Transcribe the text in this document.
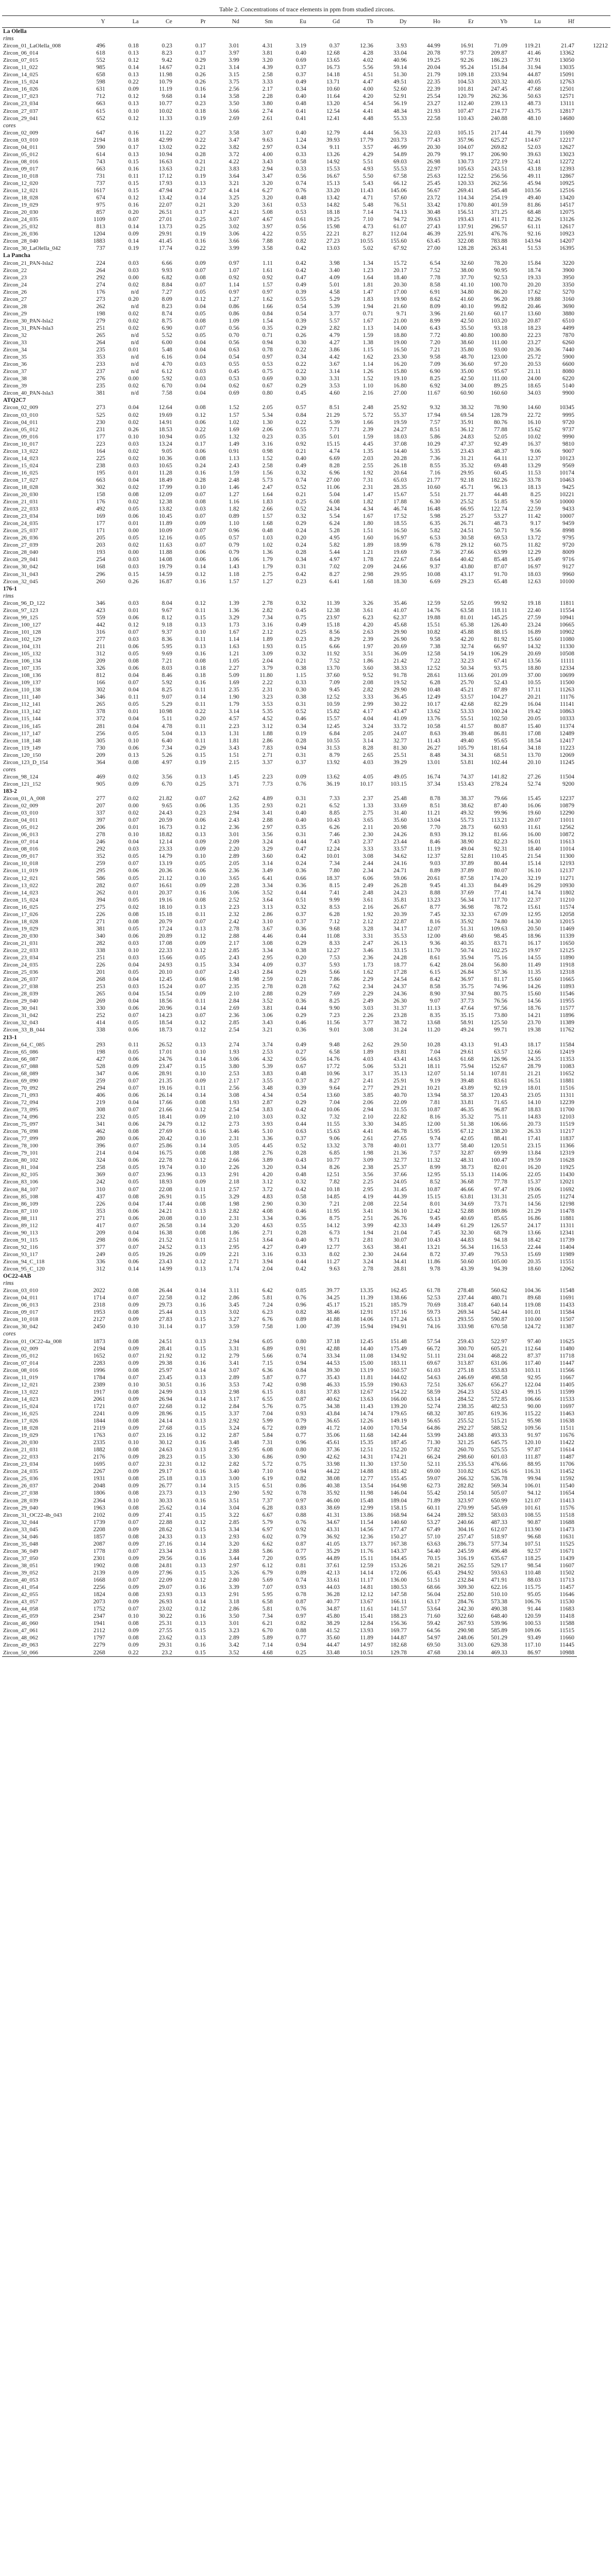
Table 2. Concentrations of trace elements in ppm from studied zircons.
	Y	La	Ce	Pr	Nd	Sm	Eu	Gd	Tb	Dy	Ho	Er	Yb	Lu	Hf	
La Olella																
rims																
Zircon_01_LaOlella_008	496	0.18	0.23	0.17	3.01	4.31	3.19	0.37	12.36	3.93	44.99	16.91	71.09	119.21	21.47	12212
Zircon_06_014	618	0.13	8.23	0.17	3.97	3.81	0.40	12.68	4.28	33.04	20.78	97.73	209.87	41.46	13362	
Zircon_07_015	552	0.12	9.42	0.29	3.99	3.20	0.69	13.65	4.02	40.96	19.25	92.26	186.23	37.91	13050	
Zircon_11_022	985	0.14	14.67	0.21	3.14	4.39	0.37	16.73	5.56	59.14	20.04	95.24	151.84	31.94	13035	
Zircon_14_025	658	0.13	11.98	0.26	3.15	2.58	0.37	14.18	4.51	51.30	21.79	109.18	233.94	44.87	15091	
Zircon_15_024	598	0.22	10.79	0.26	3.75	3.33	0.49	13.71	4.47	49.51	22.35	104.53	203.32	40.05	12763	
Zircon_16_026	631	0.09	11.19	0.16	2.56	2.17	0.34	10.60	4.00	52.60	22.39	101.81	247.45	47.68	12501	
Zircon_17_023	712	0.12	9.68	0.14	3.58	2.28	0.40	11.64	4.20	52.91	25.54	120.79	262.36	50.63	12571	
Zircon_23_034	663	0.13	10.77	0.23	3.50	3.80	0.48	13.20	4.54	56.19	23.27	112.40	239.13	48.73	13111	
Zircon_27_037	615	0.10	10.02	0.18	3.66	2.74	0.41	12.54	4.41	48.34	21.93	107.47	214.77	43.75	12817	
Zircon_29_041	652	0.12	11.33	0.19	2.69	2.61	0.41	12.41	4.48	55.33	22.58	110.43	240.88	48.10	14680	
cores																
Zircon_02_009	647	0.16	11.22	0.27	3.58	3.07	0.40	12.79	4.44	56.33	22.03	105.15	217.44	41.79	11690	
Zircon_03_010	2194	0.18	42.99	0.22	3.47	9.63	1.24	39.93	17.79	203.73	77.43	357.96	625.27	114.67	12217	
Zircon_04_011	590	0.17	13.02	0.22	3.82	2.97	0.34	9.11	3.57	46.99	20.30	104.07	269.82	52.03	12627	
Zircon_05_012	614	0.13	10.94	0.28	3.72	4.00	0.33	13.26	4.29	54.89	20.79	99.17	206.90	39.63	13023	
Zircon_08_016	743	0.15	16.63	0.21	4.22	3.43	0.58	14.92	5.51	69.03	26.98	130.73	272.19	52.41	12272	
Zircon_09_017	663	0.16	13.63	0.21	3.83	2.94	0.33	15.53	4.93	55.53	22.97	105.63	243.51	43.18	12393	
Zircon_10_018	731	0.11	17.12	0.19	3.64	3.47	0.56	16.67	5.50	67.58	25.63	122.52	256.56	49.11	12867	
Zircon_12_020	737	0.15	17.93	0.13	3.21	3.20	0.74	15.13	5.43	66.12	25.45	120.33	262.56	45.94	10925	
Zircon_12_021	1617	0.15	47.94	0.27	4.14	6.27	0.76	33.20	11.43	145.06	56.67	269.41	545.48	103.56	12516	
Zircon_18_028	674	0.12	13.42	0.14	3.25	3.20	0.48	13.42	4.71	57.60	23.72	114.34	254.19	49.40	13420	
Zircon_19_029	975	0.16	22.07	0.21	3.20	3.61	0.53	14.82	5.48	76.51	33.42	170.80	401.59	81.86	14517	
Zircon_20_030	857	0.20	26.51	0.17	4.21	5.08	0.53	18.18	7.14	74.13	30.48	156.51	371.25	68.48	12075	
Zircon_24_035	1109	0.07	27.01	0.25	3.07	4.67	0.61	19.25	7.10	94.72	39.63	193.43	411.71	82.26	13126	
Zircon_25_032	813	0.14	13.73	0.25	3.02	3.97	0.56	15.98	4.73	61.07	27.43	137.91	296.57	61.11	12617	
Zircon_26_036	1204	0.09	29.91	0.19	3.06	4.22	0.55	22.21	8.27	112.04	46.39	225.91	476.76	92.16	10923	
Zircon_28_040	1883	0.14	41.45	0.16	3.66	7.88	0.82	27.23	10.55	155.60	63.45	322.08	783.88	143.94	14207	
Zircon_30_LaOlella_042	737	0.19	17.74	0.22	3.99	3.58	0.42	13.03	5.02	67.92	27.00	128.28	263.41	51.53	16395	
La Pancha																
Zircon_21_PAN-Isla2	224	0.03	6.66	0.09	0.97	1.11	0.42	3.98	1.34	15.72	6.54	32.60	78.20	15.84	3220	
Zircon_22	264	0.03	9.93	0.07	1.07	1.61	0.42	3.40	1.23	20.17	7.52	38.00	90.95	18.74	3900	
Zircon_23	292	0.00	6.82	0.08	0.92	0.92	0.47	4.09	1.64	18.40	7.78	37.70	92.53	19.33	3950	
Zircon_24	274	0.02	8.84	0.07	1.14	1.57	0.49	5.01	1.81	20.30	8.58	41.10	100.70	20.20	3350	
Zircon_26	176	n/d	7.27	0.05	0.97	0.97	0.39	4.58	1.47	17.00	6.91	34.80	86.20	17.62	5270	
Zircon_27	273	0.20	8.09	0.12	1.27	1.62	0.55	5.29	1.83	19.90	8.62	41.60	96.20	19.88	3160	
Zircon_28	262	n/d	8.23	0.04	0.86	1.66	0.54	5.39	1.94	21.60	8.09	40.10	99.82	20.46	3690	
Zircon_29	198	0.02	8.74	0.05	0.86	0.84	0.54	3.77	0.71	9.71	3.96	21.60	60.17	13.60	3880	
Zircon_30_PAN-Isla2	279	0.02	8.75	0.08	1.09	1.54	0.39	5.57	1.67	21.00	8.99	42.50	103.20	20.87	6510	
Zircon_31_PAN-Isla3	251	0.02	6.90	0.07	0.56	0.35	0.29	2.82	1.13	14.00	6.43	35.50	93.18	18.23	4499	
Zircon_32	265	n/d	5.52	0.05	0.70	0.71	0.26	4.79	1.59	18.80	7.72	40.80	100.80	22.23	7870	
Zircon_33	264	n/d	6.00	0.04	0.56	0.94	0.30	4.27	1.38	19.00	7.20	38.60	111.00	23.27	6260	
Zircon_34	235	0.01	5.48	0.04	0.63	0.78	0.22	3.86	1.15	16.50	7.21	35.80	93.00	20.36	7440	
Zircon_35	353	n/d	6.16	0.04	0.54	0.97	0.34	4.42	1.62	23.30	9.58	48.70	123.00	25.72	5900	
Zircon_36	233	n/d	4.70	0.03	0.55	0.53	0.22	3.67	1.14	16.20	7.09	36.60	97.20	20.53	6600	
Zircon_37	237	n/d	6.12	0.03	0.45	0.75	0.22	3.14	1.26	15.80	6.90	35.00	95.67	21.11	8080	
Zircon_38	276	0.00	5.92	0.03	0.53	0.69	0.30	3.31	1.52	19.10	8.25	42.50	111.00	24.00	6220	
Zircon_39	235	0.02	6.70	0.04	0.62	0.67	0.29	3.53	1.10	16.80	6.92	34.00	89.25	18.65	5140	
Zircon_40_PAN-Isla3	381	n/d	7.58	0.04	0.69	0.80	0.45	4.60	2.16	27.00	11.67	60.90	160.60	34.03	9900	
ATQ2C7																
Zircon_02_009	273	0.04	12.64	0.08	1.52	2.05	0.57	8.51	2.48	25.92	9.32	38.32	78.90	14.60	10345	
Zircon_03_010	525	0.02	19.69	0.12	1.57	5.34	0.84	21.29	5.72	55.37	17.94	69.54	128.79	22.72	9995	
Zircon_04_011	230	0.02	14.91	0.06	1.02	1.30	0.22	5.39	1.66	19.59	7.57	35.91	80.76	16.10	9720	
Zircon_05_012	231	0.26	18.53	0.22	1.69	2.06	0.55	7.71	2.39	24.27	8.51	36.12	77.88	15.62	9737	
Zircon_09_016	177	0.10	10.94	0.05	1.32	0.23	0.35	5.01	1.59	18.03	5.86	24.83	52.05	10.02	9990	
Zircon_10_017	223	0.03	13.24	0.17	1.49	3.16	0.92	15.15	4.45	37.08	10.29	47.37	92.49	16.37	9810	
Zircon_13_022	164	0.02	9.05	0.06	0.91	0.98	0.21	4.74	1.35	14.40	5.35	23.43	48.37	9.06	9007	
Zircon_14_023	225	0.02	10.36	0.08	1.13	1.52	0.40	6.69	2.03	20.28	7.36	31.21	64.11	12.37	10123	
Zircon_15_024	238	0.03	10.65	0.24	2.43	2.58	0.49	8.28	2.55	26.18	8.55	35.32	69.48	13.29	9569	
Zircon_16_025	195	0.01	11.28	0.16	1.59	1.56	0.32	6.96	1.92	20.64	7.16	29.95	60.45	11.53	10174	
Zircon_17_027	663	0.04	18.49	0.28	2.48	5.73	0.74	27.00	7.31	65.03	21.77	92.18	182.26	33.78	10463	
Zircon_18_028	302	0.02	17.99	0.10	1.46	2.47	0.52	11.06	2.31	28.35	10.60	45.71	96.13	18.13	9425	
Zircon_20_030	158	0.08	12.09	0.07	1.27	1.64	0.21	5.04	1.47	15.67	5.51	21.77	44.48	8.25	10221	
Zircon_21_031	176	0.02	12.38	0.08	1.16	1.83	0.25	6.08	1.82	17.88	6.30	25.52	51.85	9.50	10000	
Zircon_22_033	492	0.05	13.82	0.03	1.82	2.66	0.52	24.34	4.34	46.74	16.48	66.95	122.74	22.59	9433	
Zircon_23_034	169	0.06	10.45	0.07	0.89	1.57	0.32	5.54	1.67	17.52	5.98	25.27	53.27	11.42	10007	
Zircon_24_035	177	0.01	11.89	0.09	1.10	1.68	0.29	6.24	1.80	18.55	6.35	26.71	48.73	9.17	9459	
Zircon_25_037	171	0.00	10.09	0.07	0.96	0.48	0.24	5.28	1.51	16.50	5.82	24.51	50.71	9.56	8998	
Zircon_26_036	205	0.05	12.16	0.05	0.57	1.03	0.20	4.95	1.60	16.97	6.53	30.58	69.53	13.72	9795	
Zircon_27_039	203	0.02	11.63	0.07	0.79	1.02	0.24	5.82	1.89	18.99	6.78	29.12	60.75	11.82	9720	
Zircon_28_040	193	0.00	11.88	0.06	0.79	1.36	0.28	5.44	1.21	19.69	7.36	27.66	63.99	12.29	8009	
Zircon_29_041	254	0.03	14.08	0.06	1.06	1.79	0.34	4.97	1.78	22.67	8.64	40.42	85.48	15.49	9716	
Zircon_30_042	168	0.03	19.79	0.14	1.43	1.79	0.31	7.02	2.09	24.66	9.37	43.80	87.07	16.97	9127	
Zircon_31_043	296	0.15	14.59	0.12	1.18	2.75	0.42	8.27	2.98	29.95	10.08	43.17	91.70	18.03	9960	
Zircon_32_045	260	0.26	16.87	0.16	1.57	1.27	0.23	6.41	1.68	18.30	6.69	29.23	65.48	12.63	10100	
176-1																
rims																
Zircon_96_D_122	346	0.03	8.04	0.12	1.39	2.78	0.32	11.39	3.26	35.46	12.59	52.05	99.92	19.18	11811	
Zircon_97_123	423	0.01	9.67	0.11	1.36	2.82	0.45	12.38	3.61	41.07	14.76	63.58	118.11	22.40	11554	
Zircon_99_125	559	0.06	8.12	0.15	3.29	7.34	0.75	23.97	6.23	62.37	19.88	81.01	145.25	27.59	10941	
Zircon_100_127	442	0.12	9.18	0.13	1.73	3.16	0.49	15.18	4.20	45.68	15.51	65.38	126.40	23.24	10665	
Zircon_101_128	316	0.07	9.37	0.10	1.67	2.12	0.25	8.56	2.63	29.90	10.82	45.88	88.15	16.89	10902	
Zircon_102_129	277	0.03	8.36	0.11	1.14	1.89	0.23	8.29	2.39	26.90	9.58	42.20	81.92	15.60	11080	
Zircon_104_131	211	0.06	5.95	0.13	1.63	1.93	0.15	6.66	1.97	20.69	7.38	32.74	66.97	14.32	11330	
Zircon_105_132	312	0.05	9.69	0.16	1.21	3.09	0.32	11.92	3.51	36.09	12.58	54.19	106.29	20.69	10508	
Zircon_106_134	209	0.08	7.21	0.08	1.05	2.04	0.21	7.52	1.86	21.42	7.22	32.23	67.41	13.56	11111	
Zircon_107_135	326	0.06	8.03	0.18	2.27	3.79	0.38	13.70	3.60	38.33	12.52	50.34	93.75	18.80	12334	
Zircon_108_136	812	0.04	8.46	0.18	5.09	11.80	1.15	37.60	9.52	91.78	28.61	113.66	201.09	37.00	10699	
Zircon_109_137	166	0.07	5.92	0.16	1.69	2.22	0.33	7.09	2.08	19.52	6.28	25.70	52.43	10.55	11500	
Zircon_110_138	302	0.04	8.25	0.11	2.35	2.31	0.30	9.45	2.82	29.90	10.48	45.21	87.89	17.11	11263	
Zircon_111_140	346	0.11	9.07	0.14	1.90	3.23	0.38	12.52	3.33	36.45	12.49	53.57	104.27	20.21	11176	
Zircon_112_141	265	0.05	5.29	0.11	1.79	3.53	0.31	10.59	2.99	30.22	10.17	42.68	82.29	16.04	11141	
Zircon_113_142	378	0.01	10.98	0.22	3.14	5.35	0.52	15.82	4.17	43.47	13.62	53.33	100.24	19.42	10863	
Zircon_115_144	372	0.04	5.11	0.20	4.57	4.52	0.46	15.57	4.04	41.09	13.76	55.51	102.50	20.05	10333	
Zircon_116_145	281	0.04	4.78	0.11	2.23	3.12	0.34	12.45	3.24	33.72	10.58	41.57	80.87	15.40	11374	
Zircon_117_147	256	0.05	5.04	0.13	1.31	1.88	0.19	6.84	2.05	24.07	8.63	39.48	86.81	17.08	12489	
Zircon_118_148	305	0.10	6.40	0.11	1.81	2.86	0.28	10.55	3.14	32.77	11.43	49.40	95.65	18.54	12417	
Zircon_119_149	730	0.06	7.34	0.29	3.43	7.83	0.94	31.53	8.28	81.30	26.27	105.79	181.64	34.18	11223	
Zircon_120_150	209	0.13	5.26	0.15	1.51	2.71	0.31	8.79	2.65	25.51	8.48	34.31	68.51	13.70	12069	
Zircon_123_D_154	364	0.08	4.97	0.19	2.15	3.37	0.37	13.92	4.03	39.29	13.01	53.81	102.44	20.10	11245	
cores																
Zircon_98_124	469	0.02	3.56	0.13	1.45	2.23	0.09	13.62	4.05	49.05	16.74	74.37	141.82	27.26	11504	
Zircon_121_152	905	0.09	6.70	0.25	3.71	7.73	0.76	36.19	10.17	103.15	37.34	153.43	278.24	52.74	9200	
183-2																
Zircon_01_A_008	277	0.02	21.82	0.07	2.62	4.89	0.31	7.33	2.37	25.48	8.78	38.37	79.66	15.45	12237	
Zircon_02_009	207	0.00	9.65	0.06	1.35	2.93	0.21	6.52	1.33	33.69	8.51	38.62	87.40	16.06	10879	
Zircon_03_010	337	0.02	24.43	0.23	2.94	3.41	0.40	8.85	2.75	31.40	11.21	49.32	99.96	19.60	12290	
Zircon_04_011	397	0.07	20.59	0.06	2.43	2.88	0.40	10.43	3.65	35.60	13.04	55.73	113.21	20.07	11011	
Zircon_05_012	206	0.01	16.73	0.12	2.36	2.97	0.35	6.26	2.11	20.98	7.70	28.73	60.93	11.61	12562	
Zircon_06_013	278	0.10	18.82	0.13	3.01	3.56	0.31	7.46	2.30	24.26	8.93	39.12	81.66	16.00	10872	
Zircon_07_014	246	0.04	12.14	0.09	2.09	3.24	0.44	7.43	2.37	23.44	8.46	38.90	82.23	16.01	11613	
Zircon_08_016	292	0.03	23.33	0.09	2.20	3.29	0.47	12.24	3.33	33.57	11.19	49.04	92.31	18.40	11014	
Zircon_09_017	352	0.05	14.79	0.10	2.89	3.60	0.42	10.01	3.08	34.62	12.37	52.81	110.45	21.54	11300	
Zircon_10_018	259	0.07	13.19	0.05	2.05	3.14	0.24	7.34	2.44	24.16	9.03	37.89	80.44	15.14	12193	
Zircon_11_019	295	0.06	20.36	0.06	2.36	3.49	0.36	7.80	2.34	24.71	8.89	37.89	80.07	16.10	12137	
Zircon_12_021	586	0.05	21.12	0.10	3.65	6.41	0.66	18.37	6.06	59.06	20.61	87.58	174.20	32.19	11271	
Zircon_13_022	282	0.07	16.61	0.09	2.28	3.34	0.36	8.15	2.49	26.28	9.45	41.33	84.49	16.29	10930	
Zircon_14_023	262	0.01	20.37	0.16	3.06	3.52	0.44	7.41	2.48	24.23	8.88	37.69	77.41	14.74	11802	
Zircon_15_024	394	0.05	19.16	0.08	2.52	3.64	0.51	9.99	3.61	35.81	13.23	56.34	117.70	22.37	11210	
Zircon_16_025	275	0.02	18.10	0.13	2.23	3.13	0.32	8.53	2.16	26.67	8.77	36.98	78.72	15.61	11574	
Zircon_17_026	226	0.08	15.18	0.11	2.32	2.86	0.37	6.28	1.92	20.39	7.45	32.33	67.09	12.95	12058	
Zircon_18_028	271	0.08	20.79	0.07	2.42	3.10	0.37	7.12	2.12	22.87	8.16	35.92	74.80	14.30	12015	
Zircon_19_029	381	0.05	17.24	0.13	2.78	3.67	0.36	9.68	3.28	34.17	12.07	51.31	109.63	20.50	11469	
Zircon_20_030	340	0.06	20.89	0.12	2.88	4.46	0.44	11.08	3.31	35.53	12.00	49.60	98.45	18.96	11339	
Zircon_21_031	282	0.03	17.08	0.09	2.17	3.08	0.29	8.33	2.47	26.13	9.36	40.35	83.71	16.17	11650	
Zircon_22_033	338	0.10	22.33	0.12	2.85	3.34	0.38	12.27	3.46	33.15	11.70	50.74	102.25	19.97	12125	
Zircon_23_034	251	0.03	15.66	0.05	2.43	2.95	0.20	7.53	2.36	24.28	8.61	35.94	75.16	14.55	11890	
Zircon_24_035	226	0.04	24.93	0.15	3.34	4.09	0.37	5.93	1.73	18.77	6.42	28.04	56.80	11.49	11918	
Zircon_25_036	201	0.05	20.10	0.07	2.43	2.84	0.29	5.66	1.62	17.28	6.15	26.84	57.36	11.35	12318	
Zircon_26_037	268	0.04	12.45	0.06	1.98	2.59	0.21	7.86	2.29	24.54	8.42	36.97	81.17	15.60	11665	
Zircon_27_038	253	0.03	15.24	0.07	2.35	2.78	0.28	7.62	2.34	24.37	8.58	35.75	74.96	14.26	11893	
Zircon_28_039	265	0.04	15.54	0.09	2.10	2.88	0.29	7.69	2.29	24.36	8.90	37.94	80.75	15.60	11546	
Zircon_29_040	269	0.04	18.56	0.11	2.84	3.52	0.36	8.25	2.49	26.30	9.07	37.73	76.56	14.56	11955	
Zircon_30_041	330	0.06	20.96	0.14	2.69	3.81	0.44	9.90	3.03	31.37	11.13	47.64	97.56	18.76	11577	
Zircon_31_042	252	0.07	14.23	0.07	2.36	3.06	0.29	7.23	2.26	23.28	8.35	35.15	73.80	14.21	11896	
Zircon_32_043	414	0.05	18.54	0.12	2.85	3.43	0.46	11.56	3.77	38.72	13.68	58.91	125.50	23.70	11389	
Zircon_33_B_044	338	0.06	18.73	0.12	2.54	3.21	0.36	9.01	3.08	31.24	11.20	49.24	99.71	19.38	11762	
213-1																
Zircon_64_C_085	293	0.11	26.52	0.13	2.74	3.74	0.49	9.48	2.62	29.50	10.28	43.13	91.43	18.17	11584	
Zircon_65_086	198	0.05	17.01	0.10	1.93	2.53	0.27	6.58	1.89	19.81	7.04	29.61	63.57	12.66	12419	
Zircon_66_087	427	0.06	24.76	0.14	3.06	4.32	0.56	14.76	4.03	43.41	14.63	61.68	126.96	24.35	11353	
Zircon_67_088	528	0.09	23.47	0.15	3.80	5.39	0.67	17.72	5.06	53.21	18.11	75.94	152.67	28.79	11083	
Zircon_68_089	347	0.06	28.91	0.10	2.53	3.83	0.48	10.96	3.17	35.13	12.07	51.14	107.81	21.21	11652	
Zircon_69_090	259	0.07	21.35	0.09	2.17	3.55	0.37	8.27	2.41	25.91	9.19	39.48	83.61	16.51	11881	
Zircon_70_092	294	0.07	19.16	0.11	2.56	3.48	0.39	9.64	2.77	29.21	10.21	43.89	92.19	18.01	11516	
Zircon_71_093	406	0.06	26.14	0.14	3.08	4.34	0.54	13.60	3.85	40.70	13.94	58.37	120.43	23.05	11311	
Zircon_72_094	219	0.04	17.66	0.08	1.93	2.87	0.29	7.04	2.06	22.09	7.81	33.81	71.65	14.10	12239	
Zircon_73_095	308	0.07	21.66	0.12	2.54	3.83	0.42	10.06	2.94	31.55	10.87	46.35	96.87	18.83	11700	
Zircon_74_096	232	0.05	18.41	0.09	2.10	3.03	0.32	7.32	2.10	22.82	8.16	35.32	75.11	14.83	12103	
Zircon_75_097	341	0.06	24.79	0.12	2.73	3.93	0.44	11.55	3.30	34.85	12.00	51.38	106.66	20.73	11519	
Zircon_76_098	462	0.08	27.69	0.16	3.46	5.10	0.63	15.63	4.41	46.78	15.95	67.12	138.20	26.33	11217	
Zircon_77_099	280	0.06	20.42	0.10	2.31	3.36	0.37	9.06	2.61	27.65	9.74	42.05	88.41	17.41	11837	
Zircon_78_100	396	0.07	25.86	0.14	3.05	4.45	0.52	13.32	3.78	40.01	13.77	58.40	120.51	23.15	11366	
Zircon_79_101	214	0.04	16.75	0.08	1.88	2.76	0.28	6.85	1.98	21.36	7.57	32.87	69.99	13.84	12319	
Zircon_80_102	324	0.06	22.78	0.12	2.66	3.89	0.43	10.77	3.09	32.77	11.32	48.31	100.47	19.59	11628	
Zircon_81_104	258	0.05	19.74	0.10	2.26	3.20	0.34	8.26	2.38	25.37	8.99	38.73	82.01	16.20	11925	
Zircon_82_105	369	0.07	23.96	0.13	2.91	4.20	0.48	12.51	3.56	37.66	12.95	55.13	114.06	22.05	11430	
Zircon_83_106	242	0.05	18.93	0.09	2.18	3.12	0.32	7.82	2.25	24.05	8.52	36.68	77.78	15.37	12021	
Zircon_84_107	310	0.07	22.08	0.11	2.57	3.72	0.42	10.18	2.95	31.45	10.87	46.66	97.47	19.06	11692	
Zircon_85_108	437	0.08	26.91	0.15	3.29	4.83	0.58	14.85	4.19	44.39	15.15	63.81	131.31	25.05	11274	
Zircon_86_109	226	0.04	17.44	0.08	1.98	2.90	0.30	7.21	2.08	22.54	8.01	34.69	73.71	14.56	12198	
Zircon_87_110	353	0.06	24.21	0.13	2.82	4.08	0.46	11.95	3.41	36.10	12.42	52.88	109.86	21.29	11478	
Zircon_88_111	271	0.06	20.08	0.10	2.31	3.34	0.36	8.75	2.51	26.76	9.45	40.69	85.65	16.86	11881	
Zircon_89_112	417	0.07	26.58	0.14	3.20	4.63	0.55	14.12	3.99	42.33	14.49	61.29	126.57	24.17	11311	
Zircon_90_113	209	0.04	16.38	0.08	1.86	2.71	0.28	6.73	1.94	21.04	7.45	32.30	68.79	13.66	12341	
Zircon_91_115	298	0.06	21.52	0.11	2.51	3.64	0.40	9.71	2.81	30.07	10.43	44.83	94.18	18.42	11739	
Zircon_92_116	377	0.07	24.52	0.13	2.95	4.27	0.49	12.77	3.63	38.41	13.21	56.34	116.53	22.44	11404	
Zircon_93_117	249	0.05	19.26	0.09	2.21	3.16	0.33	8.02	2.30	24.64	8.72	37.49	79.53	15.69	11989	
Zircon_94_C_118	336	0.06	23.43	0.12	2.71	3.94	0.44	11.27	3.24	34.41	11.86	50.60	105.00	20.35	11551	
Zircon_95_C_120	312	0.14	14.99	0.13	1.74	2.04	0.42	9.63	2.78	28.81	9.78	43.39	94.39	18.60	12062	
OC22-4AB																
rims																
Zircon_03_010	2022	0.08	26.44	0.14	3.11	6.42	0.85	39.77	13.35	162.45	61.78	278.48	560.62	104.36	11548	
Zircon_04_011	1714	0.07	22.58	0.12	2.86	5.81	0.76	34.25	11.39	138.66	52.53	237.44	480.71	89.68	11691	
Zircon_06_013	2318	0.09	29.73	0.16	3.45	7.24	0.96	45.17	15.21	185.79	70.69	318.47	640.14	119.08	11433	
Zircon_09_017	1953	0.08	25.44	0.13	3.02	6.23	0.82	38.46	12.91	157.16	59.73	269.34	542.44	101.01	11584	
Zircon_10_018	2127	0.09	27.83	0.15	3.27	6.76	0.89	41.88	14.06	171.24	65.13	293.55	590.87	110.00	11507	
Zircon_30_042	2450	0.10	31.14	0.17	3.59	7.58	1.00	47.39	15.94	194.91	74.16	333.98	670.58	124.72	11387	
cores																
Zircon_01_OC22-4a_008	1873	0.08	24.51	0.13	2.94	6.05	0.80	37.18	12.45	151.48	57.54	259.43	522.97	97.40	11625	
Zircon_02_009	2194	0.09	28.41	0.15	3.31	6.89	0.91	42.88	14.40	175.49	66.72	300.70	605.21	112.64	11480	
Zircon_05_012	1652	0.07	21.92	0.12	2.79	5.66	0.74	33.34	11.08	134.92	51.11	231.04	468.22	87.37	11718	
Zircon_07_014	2283	0.09	29.38	0.16	3.41	7.15	0.94	44.53	15.00	183.11	69.67	313.87	631.06	117.40	11447	
Zircon_08_016	1996	0.08	25.97	0.14	3.07	6.36	0.84	39.30	13.19	160.57	61.03	275.18	553.83	103.11	11566	
Zircon_11_019	1784	0.07	23.45	0.13	2.89	5.87	0.77	35.43	11.81	144.02	54.63	246.69	498.58	92.95	11667	
Zircon_12_021	2389	0.10	30.51	0.16	3.53	7.42	0.98	46.33	15.59	190.63	72.51	326.67	656.27	122.04	11405	
Zircon_13_022	1917	0.08	24.99	0.13	2.98	6.15	0.81	37.83	12.67	154.22	58.59	264.23	532.43	99.15	11599	
Zircon_14_023	2061	0.09	26.94	0.14	3.17	6.55	0.87	40.62	13.63	166.00	63.14	284.52	572.85	106.66	11533	
Zircon_15_024	1721	0.07	22.68	0.12	2.84	5.76	0.75	34.38	11.43	139.20	52.74	238.35	482.53	90.00	11697	
Zircon_16_025	2241	0.09	28.96	0.15	3.37	7.04	0.93	43.84	14.74	179.65	68.32	307.85	619.36	115.22	11463	
Zircon_17_026	1844	0.08	24.14	0.13	2.92	5.99	0.79	36.65	12.26	149.19	56.65	255.52	515.21	95.98	11638	
Zircon_18_028	2119	0.09	27.68	0.15	3.24	6.72	0.89	41.72	14.00	170.54	64.86	292.27	588.52	109.56	11511	
Zircon_19_029	1763	0.07	23.16	0.12	2.87	5.84	0.77	35.06	11.68	142.44	53.99	243.88	493.33	91.97	11676	
Zircon_20_030	2335	0.10	30.12	0.16	3.48	7.31	0.96	45.61	15.35	187.45	71.30	321.25	645.75	120.10	11422	
Zircon_21_031	1882	0.08	24.63	0.13	2.95	6.08	0.80	37.36	12.51	152.20	57.82	260.70	525.55	97.87	11614	
Zircon_22_033	2176	0.09	28.23	0.15	3.30	6.86	0.90	42.62	14.31	174.21	66.24	298.60	601.03	111.87	11487	
Zircon_23_034	1695	0.07	22.31	0.12	2.82	5.72	0.75	33.98	11.30	137.50	52.11	235.53	476.66	88.95	11706	
Zircon_24_035	2267	0.09	29.17	0.16	3.40	7.10	0.94	44.22	14.88	181.42	69.00	310.82	625.16	116.31	11452	
Zircon_25_036	1931	0.08	25.18	0.13	3.00	6.19	0.82	38.08	12.77	155.45	59.07	266.32	536.78	99.94	11592	
Zircon_26_037	2048	0.09	26.77	0.14	3.15	6.51	0.86	40.38	13.54	164.98	62.73	282.82	569.34	106.01	11540	
Zircon_27_038	1806	0.08	23.73	0.13	2.90	5.92	0.78	35.92	11.98	146.04	55.42	250.14	505.07	94.12	11654	
Zircon_28_039	2364	0.10	30.33	0.16	3.51	7.37	0.97	46.00	15.48	189.04	71.89	323.97	650.99	121.07	11413	
Zircon_29_040	1963	0.08	25.62	0.14	3.04	6.28	0.83	38.69	12.99	158.15	60.11	270.99	545.69	101.61	11576	
Zircon_31_OC22-4b_043	2102	0.09	27.41	0.15	3.22	6.67	0.88	41.31	13.86	168.94	64.24	289.52	583.03	108.55	11518	
Zircon_32_044	1739	0.07	22.88	0.12	2.85	5.79	0.76	34.67	11.54	140.60	53.27	240.66	487.33	90.87	11688	
Zircon_33_045	2208	0.09	28.62	0.15	3.34	6.97	0.92	43.31	14.56	177.47	67.49	304.16	612.07	113.90	11473	
Zircon_34_046	1857	0.08	24.33	0.13	2.93	6.02	0.79	36.92	12.36	150.27	57.10	257.47	518.97	96.68	11631	
Zircon_35_048	2087	0.09	27.16	0.14	3.20	6.62	0.87	41.05	13.77	167.38	63.63	286.73	577.34	107.51	11525	
Zircon_36_049	1778	0.07	23.34	0.13	2.88	5.86	0.77	35.29	11.76	143.37	54.40	245.59	496.48	92.57	11671	
Zircon_37_050	2301	0.09	29.56	0.16	3.44	7.20	0.95	44.89	15.11	184.45	70.15	316.19	635.67	118.25	11439	
Zircon_38_051	1902	0.08	24.81	0.13	2.97	6.12	0.81	37.61	12.59	153.26	58.21	262.55	529.17	98.54	11607	
Zircon_39_052	2139	0.09	27.96	0.15	3.26	6.79	0.89	42.13	14.14	172.06	65.43	294.92	593.63	110.48	11502	
Zircon_40_053	1668	0.07	22.09	0.12	2.80	5.69	0.74	33.61	11.17	136.00	51.51	232.84	471.91	88.03	11713	
Zircon_41_054	2256	0.09	29.07	0.16	3.39	7.07	0.93	44.03	14.81	180.53	68.66	309.30	622.16	115.75	11457	
Zircon_42_055	1824	0.08	23.93	0.13	2.91	5.95	0.78	36.28	12.12	147.58	56.04	252.80	510.10	95.05	11646	
Zircon_43_057	2073	0.09	26.93	0.14	3.18	6.58	0.87	40.77	13.67	166.11	63.17	284.76	573.38	106.76	11530	
Zircon_44_058	1752	0.07	23.02	0.12	2.86	5.81	0.76	34.87	11.61	141.57	53.64	242.30	490.38	91.44	11683	
Zircon_45_059	2347	0.10	30.22	0.16	3.50	7.34	0.97	45.80	15.41	188.23	71.60	322.60	648.40	120.59	11418	
Zircon_46_060	1941	0.08	25.31	0.13	3.01	6.21	0.82	38.29	12.84	156.36	59.42	267.93	539.96	100.53	11588	
Zircon_47_061	2112	0.09	27.55	0.15	3.23	6.70	0.88	41.52	13.93	169.77	64.56	290.98	585.89	109.06	11515	
Zircon_48_062	1797	0.08	23.62	0.13	2.89	5.89	0.77	35.60	11.89	144.87	54.97	248.06	501.29	93.49	11660	
Zircon_49_063	2279	0.09	29.31	0.16	3.42	7.14	0.94	44.47	14.97	182.68	69.50	313.00	629.38	117.10	11445	
Zircon_50_066	2268	0.22	23.2	0.15	3.52	4.68	0.25	33.48	10.51	129.78	47.68	230.14	469.33	86.97	10988	
